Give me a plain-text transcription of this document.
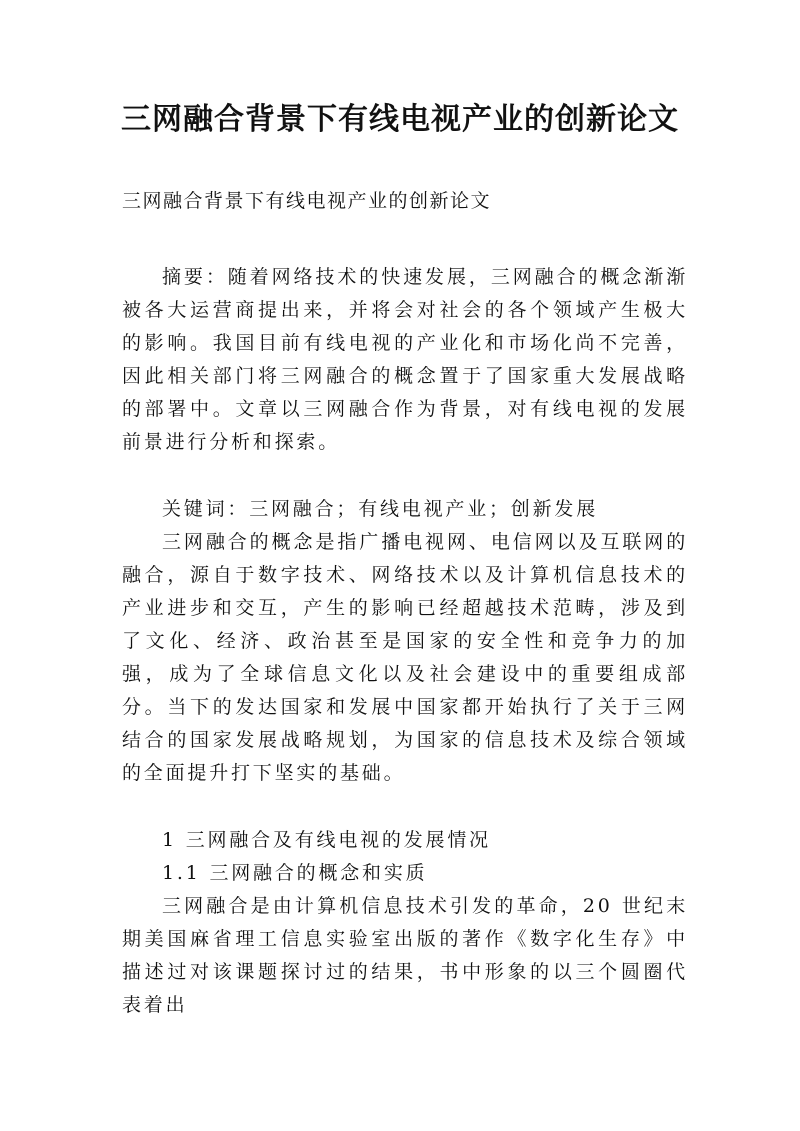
三网融合背景下有线电视产业的创新论文

三网融合背景下有线电视产业的创新论文

摘要：随着网络技术的快速发展，三网融合的概念渐渐被各大运营商提出来，并将会对社会的各个领域产生极大的影响。我国目前有线电视的产业化和市场化尚不完善，因此相关部门将三网融合的概念置于了国家重大发展战略的部署中。文章以三网融合作为背景，对有线电视的发展前景进行分析和探索。

关键词：三网融合；有线电视产业；创新发展

三网融合的概念是指广播电视网、电信网以及互联网的融合，源自于数字技术、网络技术以及计算机信息技术的产业进步和交互，产生的影响已经超越技术范畴，涉及到了文化、经济、政治甚至是国家的安全性和竞争力的加强，成为了全球信息文化以及社会建设中的重要组成部分。当下的发达国家和发展中国家都开始执行了关于三网结合的国家发展战略规划，为国家的信息技术及综合领域的全面提升打下坚实的基础。

1 三网融合及有线电视的发展情况

1.1 三网融合的概念和实质

三网融合是由计算机信息技术引发的革命，20 世纪末期美国麻省理工信息实验室出版的著作《数字化生存》中描述过对该课题探讨过的结果，书中形象的以三个圆圈代表着出
